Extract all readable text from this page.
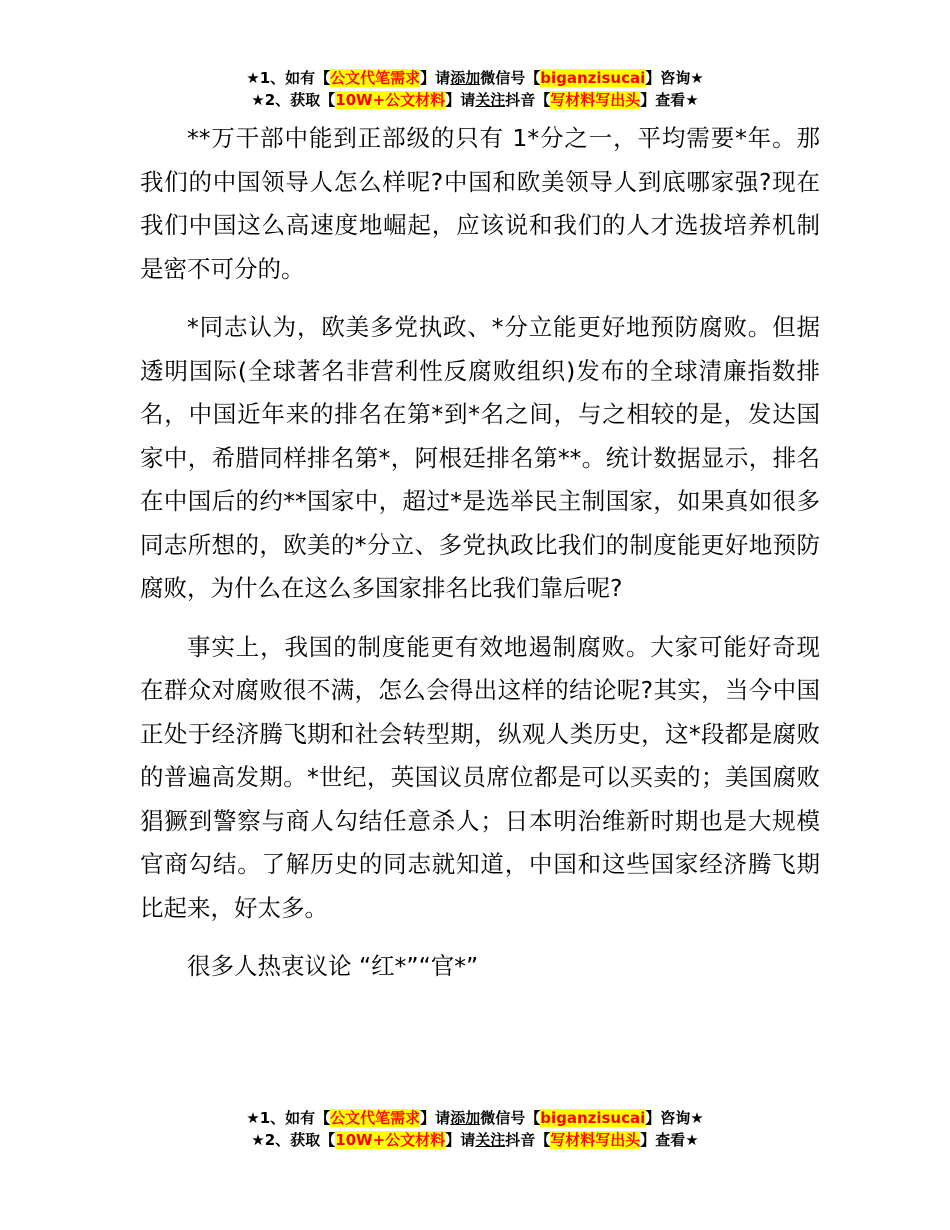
★1、如有【公文代笔需求】请添加微信号【biganzisucai】咨询★
★2、获取【10W+公文材料】请关注抖音【写材料写出头】查看★

**万干部中能到正部级的只有 1*分之一，平均需要*年。那我们的中国领导人怎么样呢?中国和欧美领导人到底哪家强?现在我们中国这么高速度地崛起，应该说和我们的人才选拔培养机制是密不可分的。

*同志认为，欧美多党执政、*分立能更好地预防腐败。但据透明国际(全球著名非营利性反腐败组织)发布的全球清廉指数排名，中国近年来的排名在第*到*名之间，与之相较的是，发达国家中，希腊同样排名第*，阿根廷排名第**。统计数据显示，排名在中国后的约**国家中，超过*是选举民主制国家，如果真如很多同志所想的，欧美的*分立、多党执政比我们的制度能更好地预防腐败，为什么在这么多国家排名比我们靠后呢?

事实上，我国的制度能更有效地遏制腐败。大家可能好奇现在群众对腐败很不满，怎么会得出这样的结论呢?其实，当今中国正处于经济腾飞期和社会转型期，纵观人类历史，这*段都是腐败的普遍高发期。*世纪，英国议员席位都是可以买卖的；美国腐败猖獗到警察与商人勾结任意杀人；日本明治维新时期也是大规模官商勾结。了解历史的同志就知道，中国和这些国家经济腾飞期比起来，好太多。

很多人热衷议论 “红*”“官*”

★1、如有【公文代笔需求】请添加微信号【biganzisucai】咨询★
★2、获取【10W+公文材料】请关注抖音【写材料写出头】查看★
